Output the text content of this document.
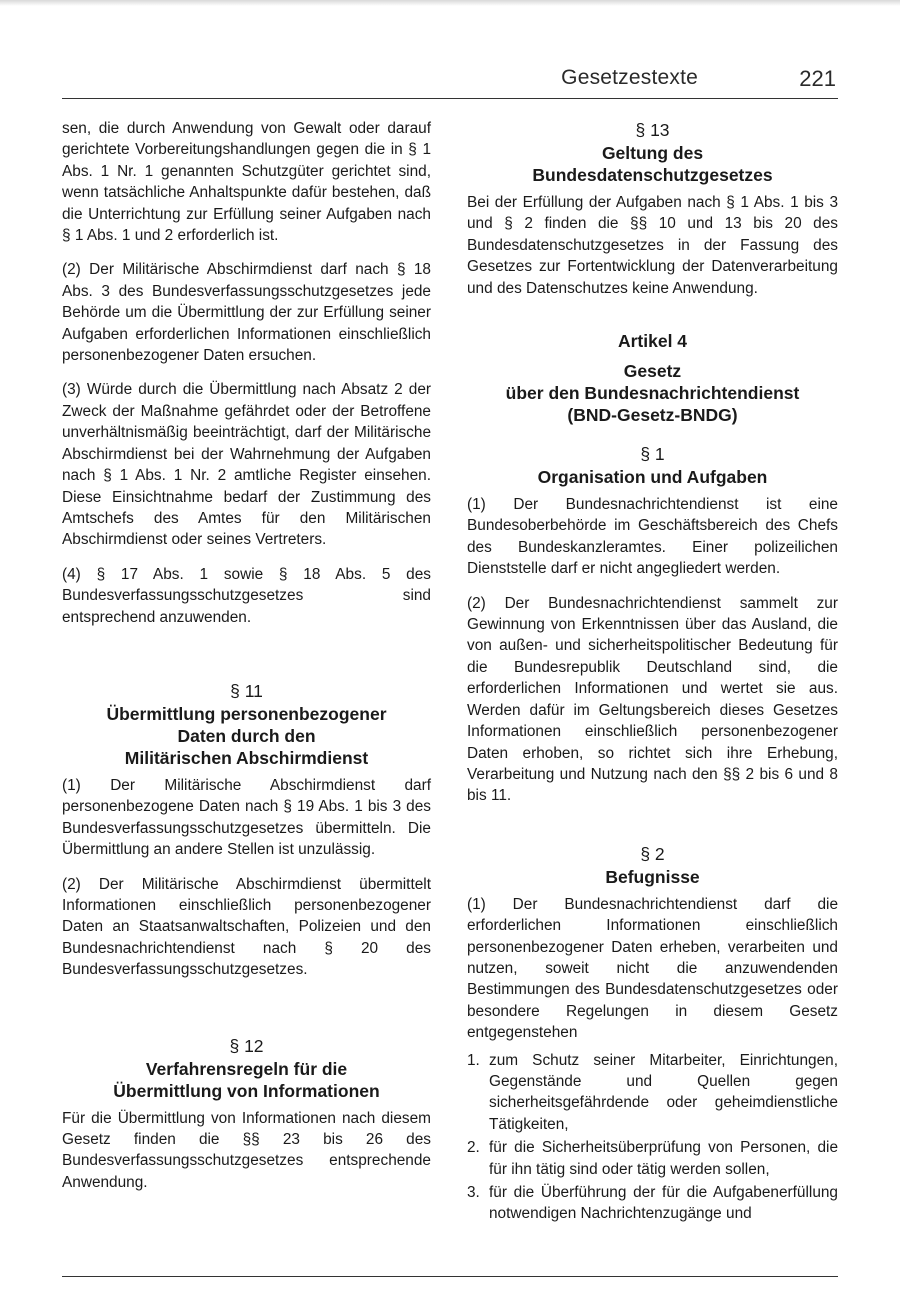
Gesetzestexte	221

sen, die durch Anwendung von Gewalt oder darauf gerichtete Vorbereitungshandlungen gegen die in § 1 Abs. 1 Nr. 1 genannten Schutzgüter gerichtet sind, wenn tatsächliche Anhaltspunkte dafür bestehen, daß die Unterrichtung zur Erfüllung seiner Aufgaben nach § 1 Abs. 1 und 2 erforderlich ist.

(2) Der Militärische Abschirmdienst darf nach § 18 Abs. 3 des Bundesverfassungsschutzgesetzes jede Behörde um die Übermittlung der zur Erfüllung seiner Aufgaben erforderlichen Informationen einschließlich personenbezogener Daten ersuchen.

(3) Würde durch die Übermittlung nach Absatz 2 der Zweck der Maßnahme gefährdet oder der Betroffene unverhältnismäßig beeinträchtigt, darf der Militärische Abschirmdienst bei der Wahrnehmung der Aufgaben nach § 1 Abs. 1 Nr. 2 amtliche Register einsehen. Diese Einsichtnahme bedarf der Zustimmung des Amtschefs des Amtes für den Militärischen Abschirmdienst oder seines Vertreters.

(4) § 17 Abs. 1 sowie § 18 Abs. 5 des Bundesverfassungsschutzgesetzes sind entsprechend anzuwenden.

§ 11
Übermittlung personenbezogener
Daten durch den
Militärischen Abschirmdienst

(1) Der Militärische Abschirmdienst darf personenbezogene Daten nach § 19 Abs. 1 bis 3 des Bundesverfassungsschutzgesetzes übermitteln. Die Übermittlung an andere Stellen ist unzulässig.

(2) Der Militärische Abschirmdienst übermittelt Informationen einschließlich personenbezogener Daten an Staatsanwaltschaften, Polizeien und den Bundesnachrichtendienst nach § 20 des Bundesverfassungsschutzgesetzes.

§ 12
Verfahrensregeln für die
Übermittlung von Informationen

Für die Übermittlung von Informationen nach diesem Gesetz finden die §§ 23 bis 26 des Bundesverfassungsschutzgesetzes entsprechende Anwendung.

§ 13
Geltung des
Bundesdatenschutzgesetzes

Bei der Erfüllung der Aufgaben nach § 1 Abs. 1 bis 3 und § 2 finden die §§ 10 und 13 bis 20 des Bundesdatenschutzgesetzes in der Fassung des Gesetzes zur Fortentwicklung der Datenverarbeitung und des Datenschutzes keine Anwendung.

Artikel 4
Gesetz
über den Bundesnachrichtendienst
(BND-Gesetz-BNDG)
§ 1
Organisation und Aufgaben

(1) Der Bundesnachrichtendienst ist eine Bundesoberbehörde im Geschäftsbereich des Chefs des Bundeskanzleramtes. Einer polizeilichen Dienststelle darf er nicht angegliedert werden.

(2) Der Bundesnachrichtendienst sammelt zur Gewinnung von Erkenntnissen über das Ausland, die von außen- und sicherheitspolitischer Bedeutung für die Bundesrepublik Deutschland sind, die erforderlichen Informationen und wertet sie aus. Werden dafür im Geltungsbereich dieses Gesetzes Informationen einschließlich personenbezogener Daten erhoben, so richtet sich ihre Erhebung, Verarbeitung und Nutzung nach den §§ 2 bis 6 und 8 bis 11.

§ 2
Befugnisse

(1) Der Bundesnachrichtendienst darf die erforderlichen Informationen einschließlich personenbezogener Daten erheben, verarbeiten und nutzen, soweit nicht die anzuwendenden Bestimmungen des Bundesdatenschutzgesetzes oder besondere Regelungen in diesem Gesetz entgegenstehen

1. zum Schutz seiner Mitarbeiter, Einrichtungen, Gegenstände und Quellen gegen sicherheitsgefährdende oder geheimdienstliche Tätigkeiten,
2. für die Sicherheitsüberprüfung von Personen, die für ihn tätig sind oder tätig werden sollen,
3. für die Überführung der für die Aufgabenerfüllung notwendigen Nachrichtenzugänge und
